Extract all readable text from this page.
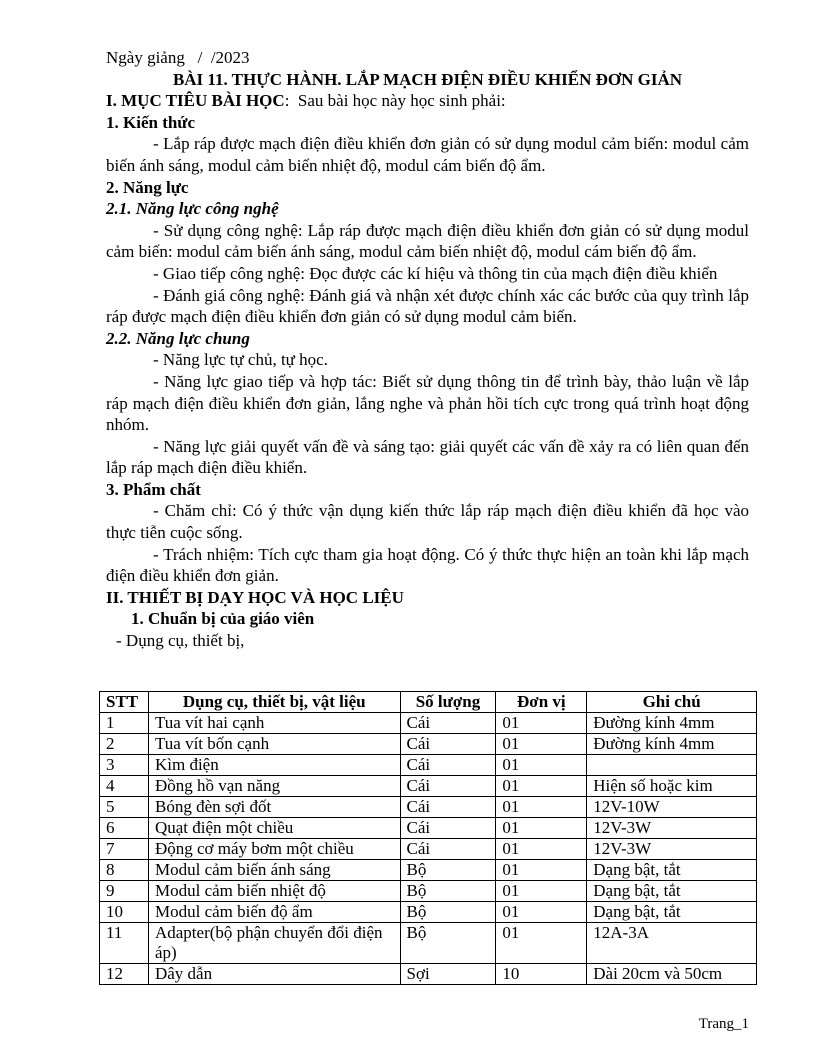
Ngày giảng   /  /2023

BÀI 11. THỰC HÀNH. LẮP MẠCH ĐIỆN ĐIỀU KHIỂN ĐƠN GIẢN

I. MỤC TIÊU BÀI HỌC:  Sau bài học này học sinh phải:

1. Kiến thức

- Lắp ráp được mạch điện điều khiển đơn giản có sử dụng modul cảm biến: modul cảm biến ánh sáng, modul cảm biến nhiệt độ, modul cám biến độ ẩm.

2. Năng lực

2.1. Năng lực công nghệ

- Sử dụng công nghệ: Lắp ráp được mạch điện điều khiển đơn giản có sử dụng modul cảm biến: modul cảm biến ánh sáng, modul cảm biến nhiệt độ, modul cám biến độ ẩm.

- Giao tiếp công nghệ: Đọc được các kí hiệu và thông tin của mạch điện điều khiển

- Đánh giá công nghệ: Đánh giá và nhận xét được chính xác các bước của quy trình lắp ráp được mạch điện điều khiển đơn giản có sử dụng modul cảm biến.

2.2. Năng lực chung

- Năng lực tự chủ, tự học.

- Năng lực giao tiếp và hợp tác: Biết sử dụng thông tin để trình bày, thảo luận về lắp ráp mạch điện điều khiển đơn giản, lắng nghe và phản hồi tích cực trong quá trình hoạt động nhóm.

- Năng lực giải quyết vấn đề và sáng tạo: giải quyết các vấn đề xảy ra có liên quan đến lắp ráp mạch điện điều khiển.

3. Phẩm chất

- Chăm chỉ: Có ý thức vận dụng kiến thức lắp ráp mạch điện điều khiển đã học vào thực tiễn cuộc sống.

- Trách nhiệm: Tích cực tham gia hoạt động. Có ý thức thực hiện an toàn khi lắp mạch điện điều khiển đơn giản.

II. THIẾT BỊ DẠY HỌC VÀ HỌC LIỆU

1. Chuẩn bị của giáo viên

- Dụng cụ, thiết bị,

STT	Dụng cụ, thiết bị, vật liệu	Số lượng	Đơn vị	Ghi chú
1	Tua vít hai cạnh	Cái	01	Đường kính 4mm
2	Tua vít bốn cạnh	Cái	01	Đường kính 4mm
3	Kìm điện	Cái	01	
4	Đồng hồ vạn năng	Cái	01	Hiện số hoặc kim
5	Bóng đèn sợi đốt	Cái	01	12V-10W
6	Quạt điện một chiều	Cái	01	12V-3W
7	Động cơ máy bơm một chiều	Cái	01	12V-3W
8	Modul cảm biến ánh sáng	Bộ	01	Dạng bật, tắt
9	Modul cảm biến nhiệt độ	Bộ	01	Dạng bật, tắt
10	Modul cảm biến độ ẩm	Bộ	01	Dạng bật, tắt
11	Adapter(bộ phận chuyển đổi điện áp)	Bộ	01	12A-3A
12	Dây dẫn	Sợi	10	Dài 20cm và 50cm
Trang_1
